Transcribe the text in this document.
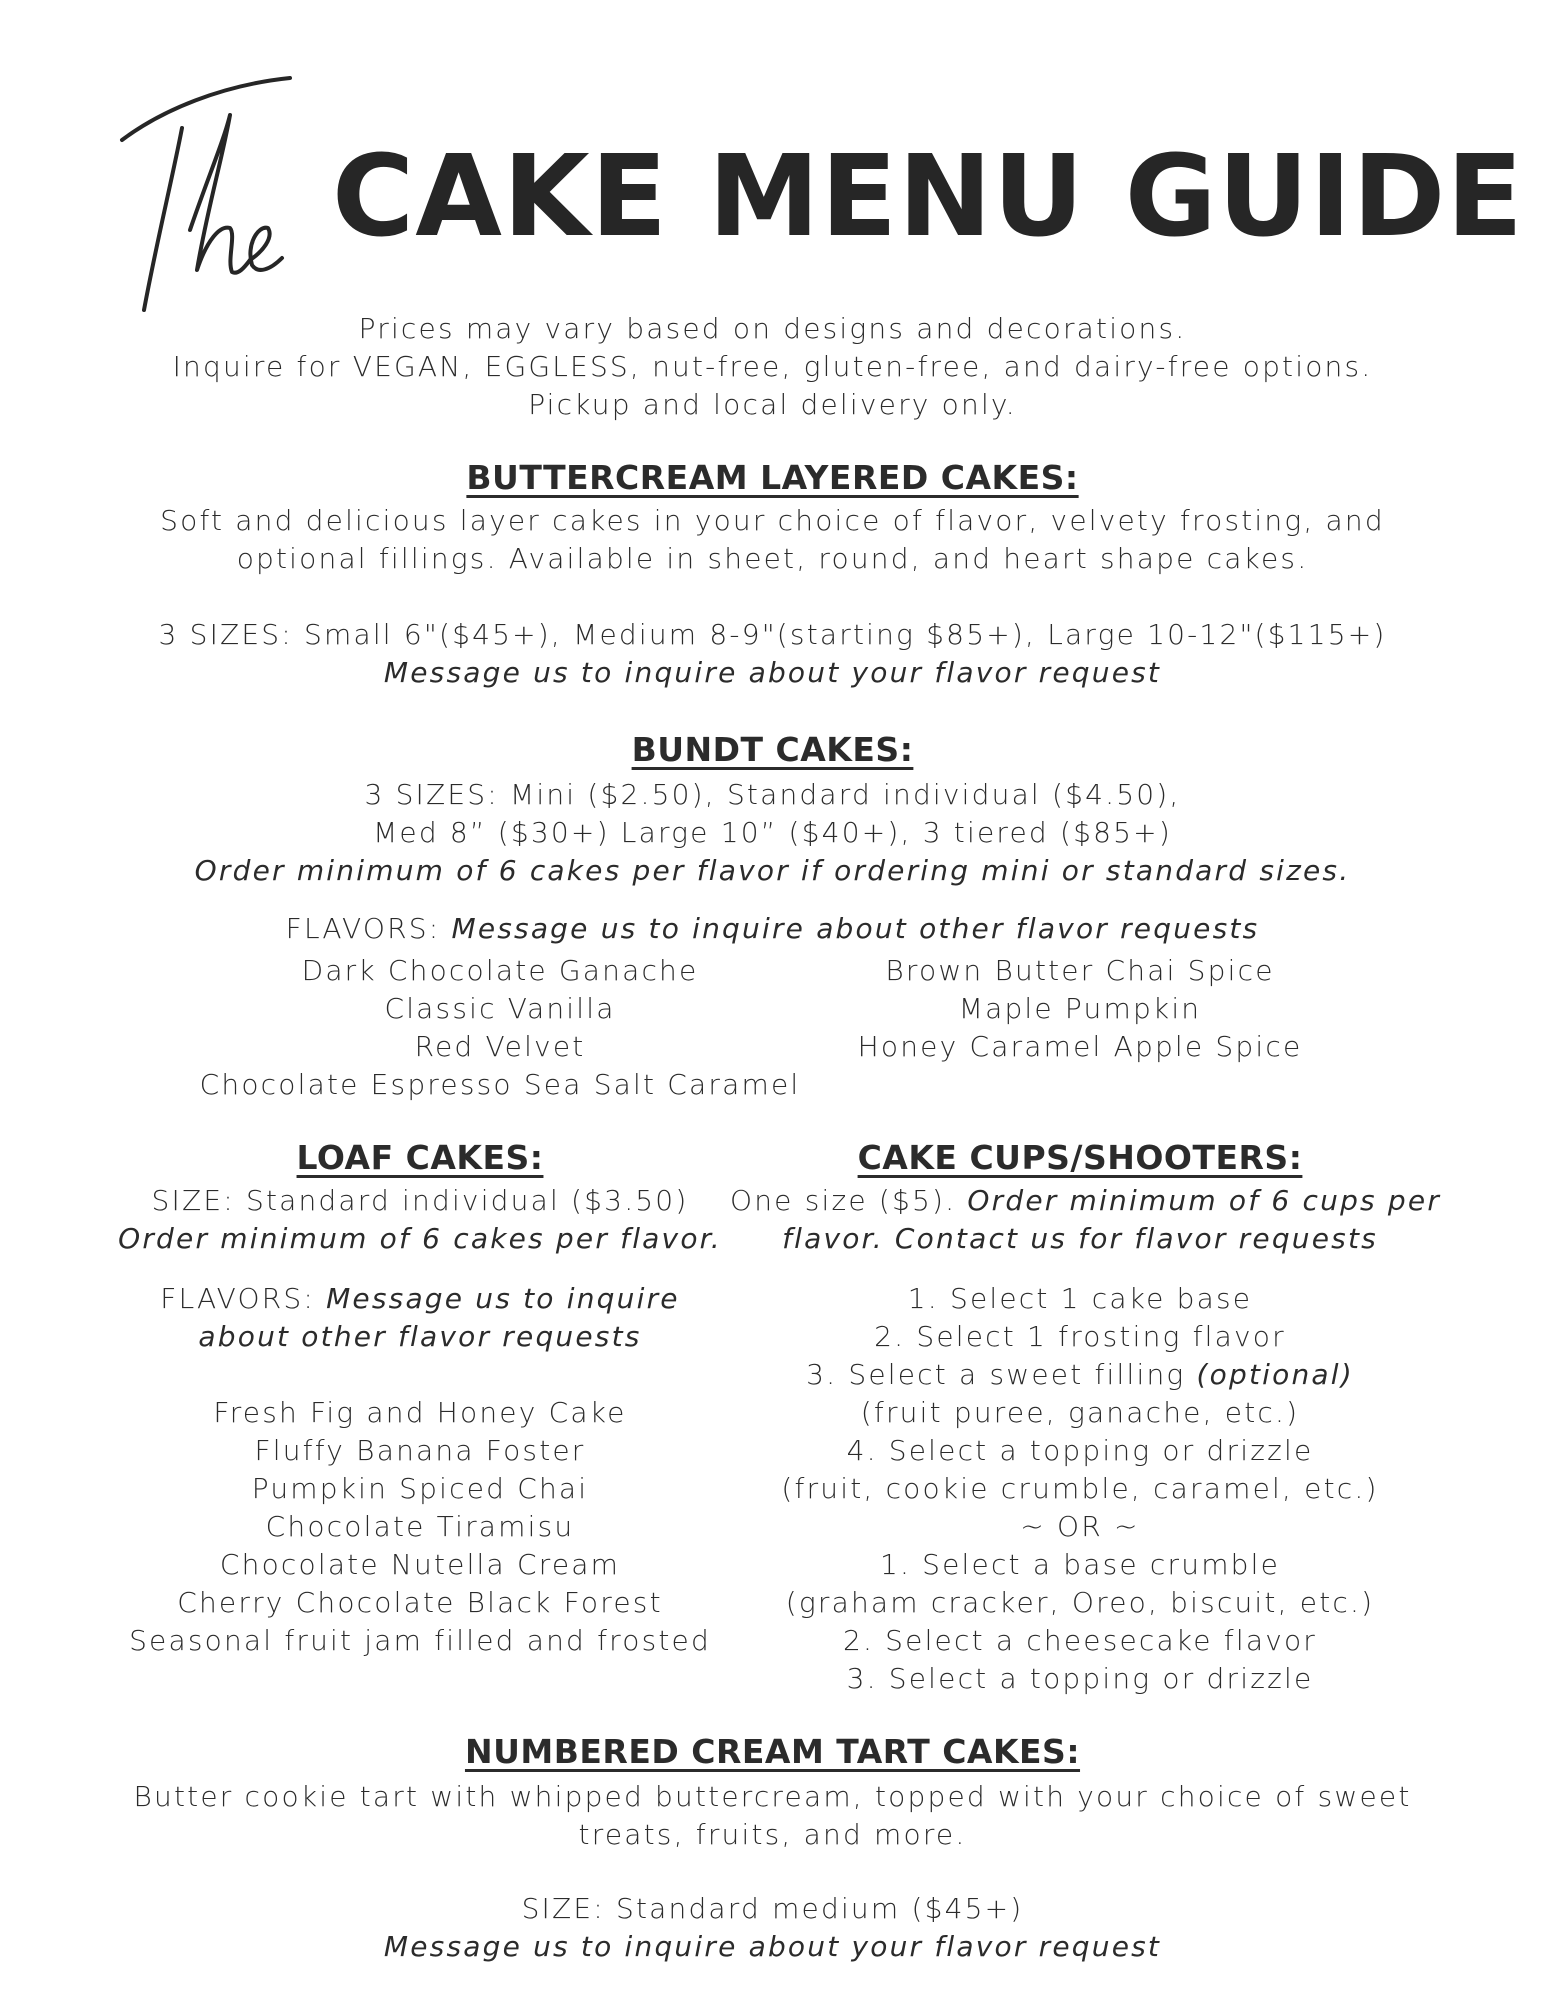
CAKE MENU GUIDE
Prices may vary based on designs and decorations.
Inquire for VEGAN, EGGLESS, nut-free, gluten-free, and dairy-free options.
Pickup and local delivery only.
BUTTERCREAM LAYERED CAKES:
Soft and delicious layer cakes in your choice of flavor, velvety frosting, and
optional fillings. Available in sheet, round, and heart shape cakes.
3 SIZES: Small 6"($45+), Medium 8-9"(starting $85+), Large 10-12"($115+)
Message us to inquire about your flavor request
BUNDT CAKES:
3 SIZES: Mini ($2.50), Standard individual ($4.50),
Med 8” ($30+) Large 10” ($40+), 3 tiered ($85+)
Order minimum of 6 cakes per flavor if ordering mini or standard sizes.
FLAVORS: Message us to inquire about other flavor requests
Dark Chocolate Ganache
Classic Vanilla
Red Velvet
Chocolate Espresso Sea Salt Caramel
Brown Butter Chai Spice
Maple Pumpkin
Honey Caramel Apple Spice
LOAF CAKES:
SIZE: Standard individual ($3.50)
Order minimum of 6 cakes per flavor.
FLAVORS: Message us to inquire
about other flavor requests
Fresh Fig and Honey Cake
Fluffy Banana Foster
Pumpkin Spiced Chai
Chocolate Tiramisu
Chocolate Nutella Cream
Cherry Chocolate Black Forest
Seasonal fruit jam filled and frosted
CAKE CUPS/SHOOTERS:
One size ($5). Order minimum of 6 cups per
flavor. Contact us for flavor requests
1. Select 1 cake base
2. Select 1 frosting flavor
3. Select a sweet filling (optional)
(fruit puree, ganache, etc.)
4. Select a topping or drizzle
(fruit, cookie crumble, caramel, etc.)
~ OR ~
1. Select a base crumble
(graham cracker, Oreo, biscuit, etc.)
2. Select a cheesecake flavor
3. Select a topping or drizzle
NUMBERED CREAM TART CAKES:
Butter cookie tart with whipped buttercream, topped with your choice of sweet
treats, fruits, and more.
SIZE: Standard medium ($45+)
Message us to inquire about your flavor request
